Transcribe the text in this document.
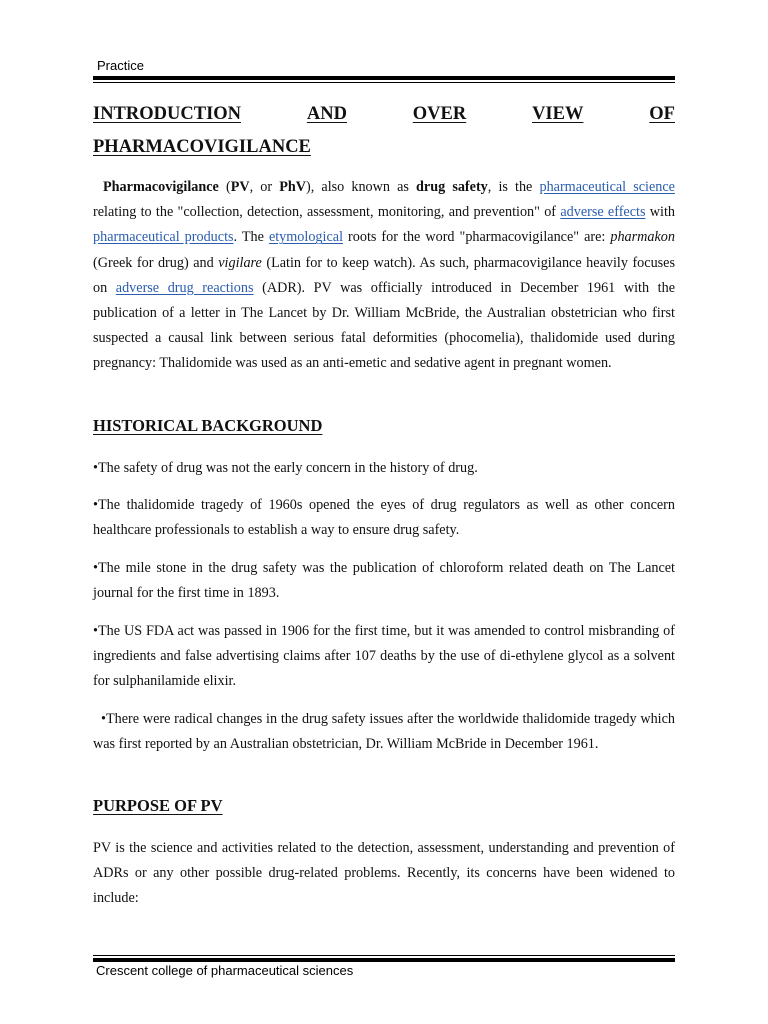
Practice
INTRODUCTION	AND	OVER	VIEW	OF
PHARMACOVIGILANCE

Pharmacovigilance (PV, or PhV), also known as drug safety, is the pharmaceutical science relating to the "collection, detection, assessment, monitoring, and prevention" of adverse effects with pharmaceutical products. The etymological roots for the word "pharmacovigilance" are: pharmakon (Greek for drug) and vigilare (Latin for to keep watch). As such, pharmacovigilance heavily focuses on adverse drug reactions (ADR). PV was officially introduced in December 1961 with the publication of a letter in The Lancet by Dr. William McBride, the Australian obstetrician who first suspected a causal link between serious fatal deformities (phocomelia), thalidomide used during pregnancy: Thalidomide was used as an anti-emetic and sedative agent in pregnant women.

HISTORICAL BACKGROUND

•The safety of drug was not the early concern in the history of drug.

•The thalidomide tragedy of 1960s opened the eyes of drug regulators as well as other concern healthcare professionals to establish a way to ensure drug safety.

•The mile stone in the drug safety was the publication of chloroform related death on The Lancet journal for the first time in 1893.

•The US FDA act was passed in 1906 for the first time, but it was amended to control misbranding of ingredients and false advertising claims after 107 deaths by the use of di-ethylene glycol as a solvent for sulphanilamide elixir.

•There were radical changes in the drug safety issues after the worldwide thalidomide tragedy which was first reported by an Australian obstetrician, Dr. William McBride in December 1961.

PURPOSE OF PV

PV is the science and activities related to the detection, assessment, understanding and prevention of ADRs or any other possible drug-related problems. Recently, its concerns have been widened to include:

Crescent college of pharmaceutical sciences
